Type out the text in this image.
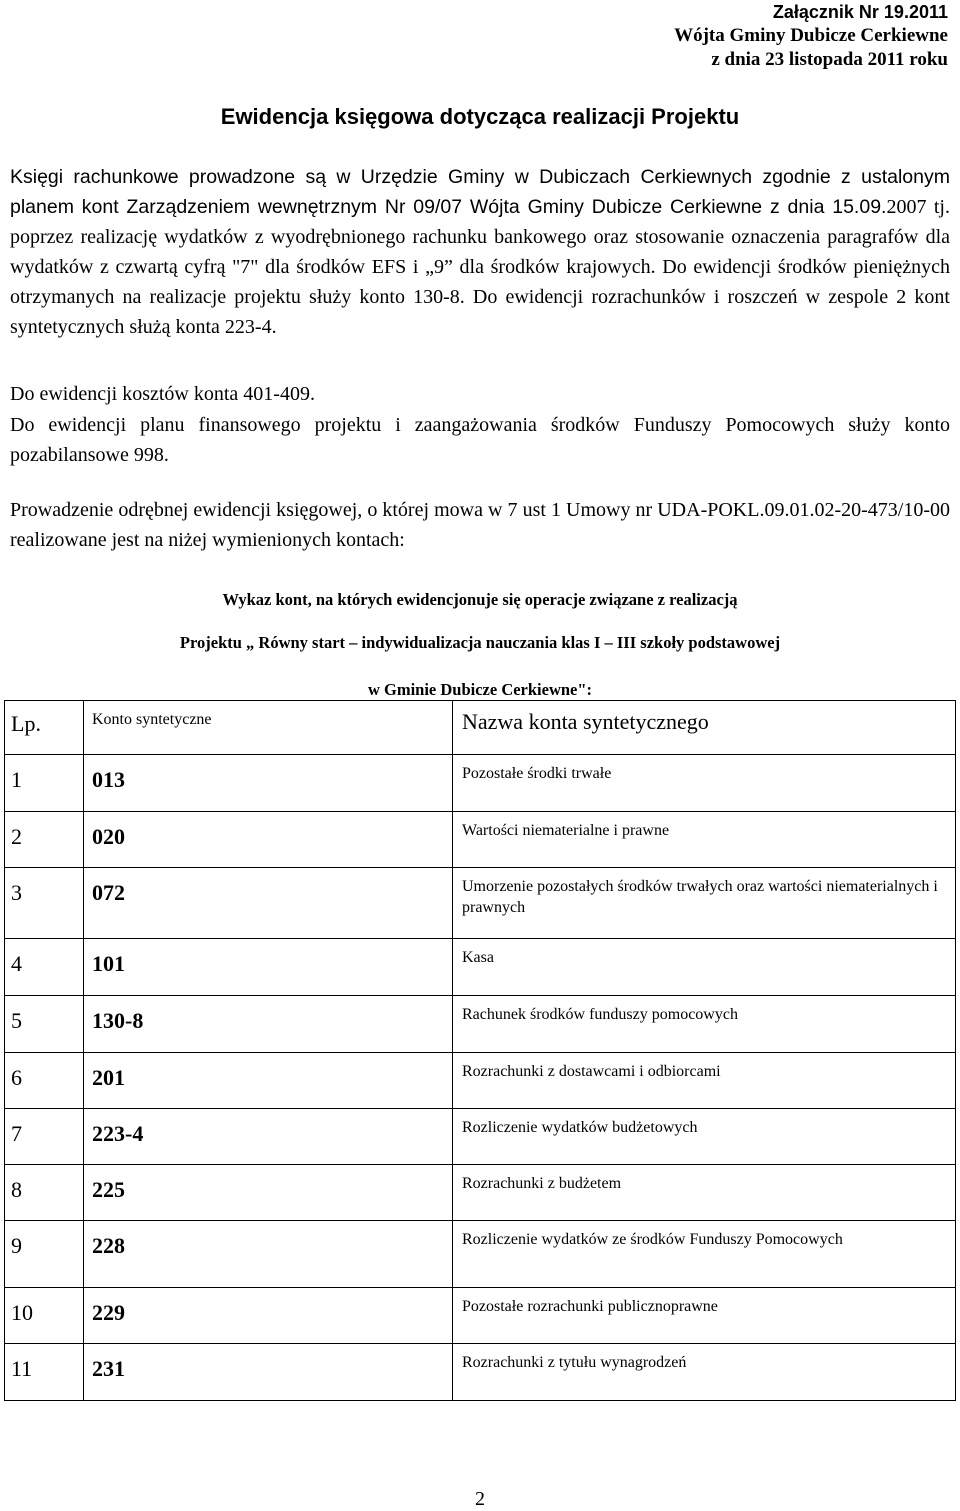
Załącznik Nr 19.2011
Wójta Gminy Dubicze Cerkiewne
z dnia 23 listopada 2011 roku
Ewidencja księgowa dotycząca realizacji Projektu

Księgi rachunkowe prowadzone są w Urzędzie Gminy w Dubiczach Cerkiewnych zgodnie z ustalonym planem kont Zarządzeniem wewnętrznym Nr 09/07 Wójta Gminy Dubicze Cerkiewne z dnia 15.09.2007 tj. poprzez realizację wydatków z wyodrębnionego rachunku bankowego oraz stosowanie oznaczenia paragrafów dla wydatków z czwartą cyfrą "7" dla środków EFS i „9” dla środków krajowych. Do ewidencji środków pieniężnych otrzymanych na realizacje projektu służy konto 130-8. Do ewidencji rozrachunków i roszczeń w zespole 2 kont syntetycznych służą konta 223-4.

Do ewidencji kosztów konta 401-409.

Do ewidencji planu finansowego projektu i zaangażowania środków Funduszy Pomocowych służy konto pozabilansowe 998.

Prowadzenie odrębnej ewidencji księgowej, o której mowa w 7 ust 1 Umowy nr UDA-POKL.09.01.02-20-473/10-00 realizowane jest na niżej wymienionych kontach:

Wykaz kont, na których ewidencjonuje się operacje związane z realizacją
Projektu „ Równy start – indywidualizacja nauczania klas I – III szkoły podstawowej
w Gminie Dubicze Cerkiewne":
Lp.	Konto syntetyczne	Nazwa konta syntetycznego
1	013	Pozostałe środki trwałe
2	020	Wartości niematerialne i prawne
3	072	Umorzenie pozostałych środków trwałych oraz wartości niematerialnych i prawnych
4	101	Kasa
5	130-8	Rachunek środków funduszy pomocowych
6	201	Rozrachunki z dostawcami i odbiorcami
7	223-4	Rozliczenie wydatków budżetowych
8	225	Rozrachunki z budżetem
9	228	Rozliczenie wydatków ze środków Funduszy Pomocowych
10	229	Pozostałe rozrachunki publicznoprawne
11	231	Rozrachunki z tytułu wynagrodzeń
2
